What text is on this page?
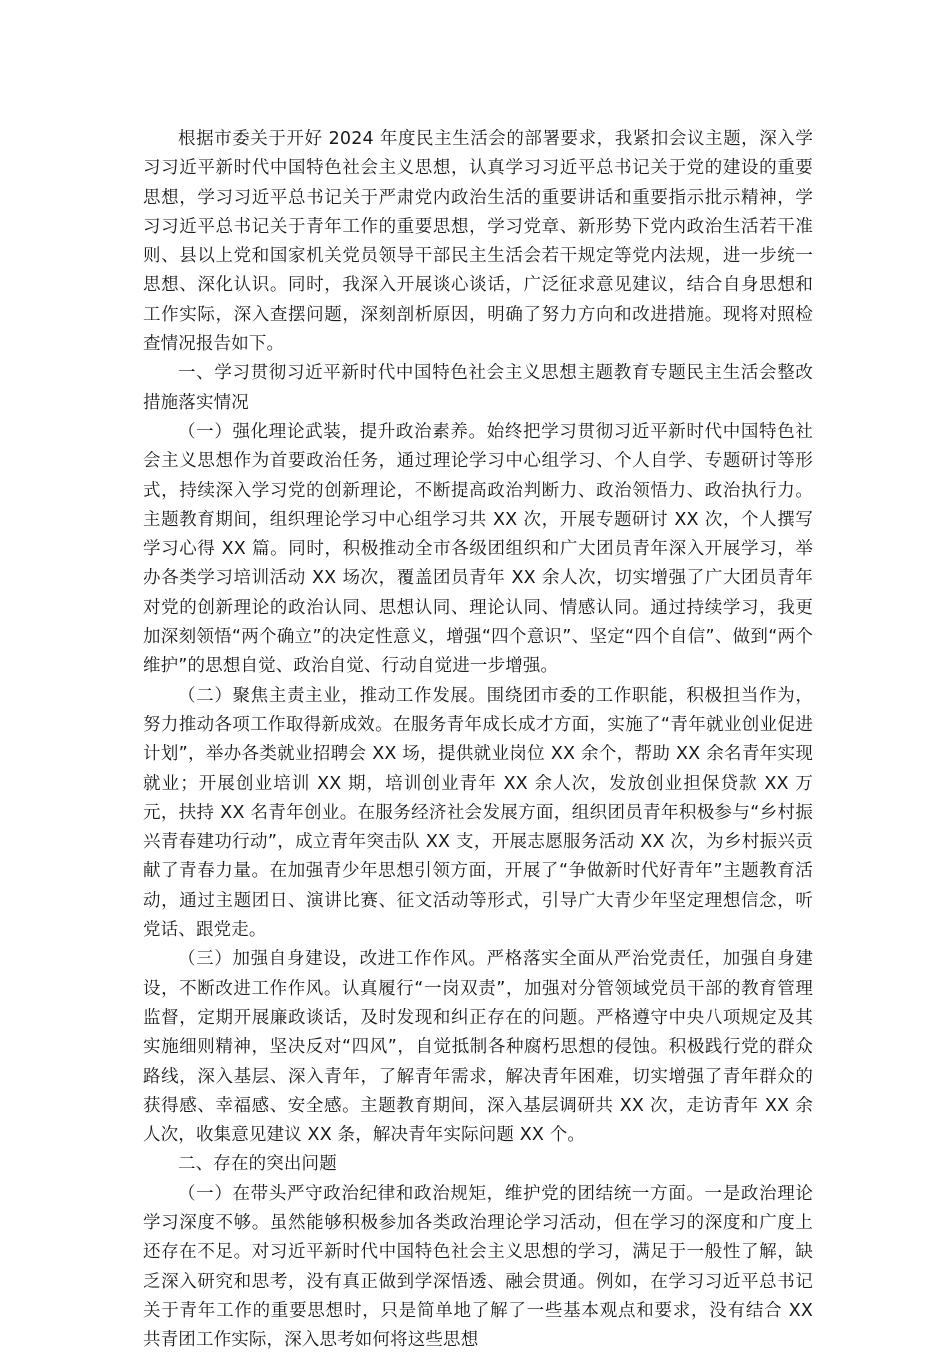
根据市委关于开好 2024 年度民主生活会的部署要求，我紧扣会议主题，深入学习习近平新时代中国特色社会主义思想，认真学习习近平总书记关于党的建设的重要思想，学习习近平总书记关于严肃党内政治生活的重要讲话和重要指示批示精神，学习习近平总书记关于青年工作的重要思想，学习党章、新形势下党内政治生活若干准则、县以上党和国家机关党员领导干部民主生活会若干规定等党内法规，进一步统一思想、深化认识。同时，我深入开展谈心谈话，广泛征求意见建议，结合自身思想和工作实际，深入查摆问题，深刻剖析原因，明确了努力方向和改进措施。现将对照检查情况报告如下。

一、学习贯彻习近平新时代中国特色社会主义思想主题教育专题民主生活会整改措施落实情况

（一）强化理论武装，提升政治素养。始终把学习贯彻习近平新时代中国特色社会主义思想作为首要政治任务，通过理论学习中心组学习、个人自学、专题研讨等形式，持续深入学习党的创新理论，不断提高政治判断力、政治领悟力、政治执行力。主题教育期间，组织理论学习中心组学习共 XX 次，开展专题研讨 XX 次，个人撰写学习心得 XX 篇。同时，积极推动全市各级团组织和广大团员青年深入开展学习，举办各类学习培训活动 XX 场次，覆盖团员青年 XX 余人次，切实增强了广大团员青年对党的创新理论的政治认同、思想认同、理论认同、情感认同。通过持续学习，我更加深刻领悟“两个确立”的决定性意义，增强“四个意识”、坚定“四个自信”、做到“两个维护”的思想自觉、政治自觉、行动自觉进一步增强。

（二）聚焦主责主业，推动工作发展。围绕团市委的工作职能，积极担当作为，努力推动各项工作取得新成效。在服务青年成长成才方面，实施了“青年就业创业促进计划”，举办各类就业招聘会 XX 场，提供就业岗位 XX 余个，帮助 XX 余名青年实现就业；开展创业培训 XX 期，培训创业青年 XX 余人次，发放创业担保贷款 XX 万元，扶持 XX 名青年创业。在服务经济社会发展方面，组织团员青年积极参与“乡村振兴青春建功行动”，成立青年突击队 XX 支，开展志愿服务活动 XX 次，为乡村振兴贡献了青春力量。在加强青少年思想引领方面，开展了“争做新时代好青年”主题教育活动，通过主题团日、演讲比赛、征文活动等形式，引导广大青少年坚定理想信念，听党话、跟党走。

（三）加强自身建设，改进工作作风。严格落实全面从严治党责任，加强自身建设，不断改进工作作风。认真履行“一岗双责”，加强对分管领域党员干部的教育管理监督，定期开展廉政谈话，及时发现和纠正存在的问题。严格遵守中央八项规定及其实施细则精神，坚决反对“四风”，自觉抵制各种腐朽思想的侵蚀。积极践行党的群众路线，深入基层、深入青年，了解青年需求，解决青年困难，切实增强了青年群众的获得感、幸福感、安全感。主题教育期间，深入基层调研共 XX 次，走访青年 XX 余人次，收集意见建议 XX 条，解决青年实际问题 XX 个。

二、存在的突出问题

（一）在带头严守政治纪律和政治规矩，维护党的团结统一方面。一是政治理论学习深度不够。虽然能够积极参加各类政治理论学习活动，但在学习的深度和广度上还存在不足。对习近平新时代中国特色社会主义思想的学习，满足于一般性了解，缺乏深入研究和思考，没有真正做到学深悟透、融会贯通。例如，在学习习近平总书记关于青年工作的重要思想时，只是简单地了解了一些基本观点和要求，没有结合 XX 共青团工作实际，深入思考如何将这些思想
